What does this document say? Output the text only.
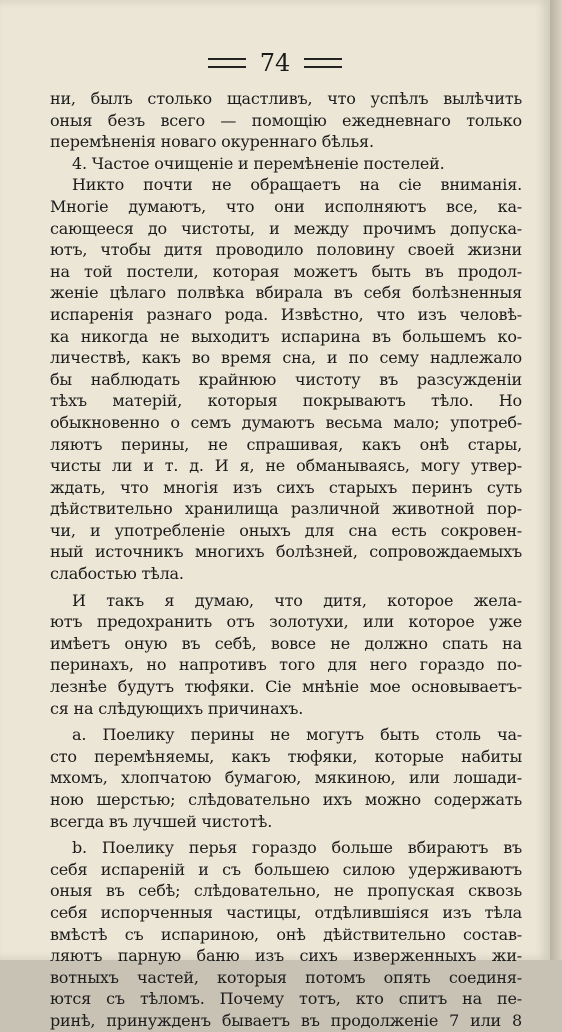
74
ни, былъ столько щастливъ, что успѣлъ вылѣчить
оныя безъ всего — помощію ежедневнаго только
перемѣненія новаго окуреннаго бѣлья.
4. Частое очищеніе и перемѣненіе постелей.
Никто почти не обращаетъ на сіе вниманія.
Многіе думаютъ, что они исполняютъ все, ка-
сающееся до чистоты, и между прочимъ допуска-
ютъ, чтобы дитя проводило половину своей жизни
на той постели, которая можетъ быть въ продол-
женіе цѣлаго полвѣка вбирала въ себя болѣзненныя
испаренія разнаго рода. Извѣстно, что изъ человѣ-
ка никогда не выходитъ испарина въ большемъ ко-
личествѣ, какъ во время сна, и по сему надлежало
бы наблюдать крайнюю чистоту въ разсужденіи
тѣхъ матерій, которыя покрываютъ тѣло. Но
обыкновенно о семъ думаютъ весьма мало; употреб-
ляютъ перины, не спрашивая, какъ онѣ стары,
чисты ли и т. д. И я, не обманываясь, могу утвер-
ждать, что многія изъ сихъ старыхъ перинъ суть
дѣйствительно хранилища различной животной пор-
чи, и употребленіе оныхъ для сна есть сокровен-
ный источникъ многихъ болѣзней, сопровождаемыхъ
слабостью тѣла.
И такъ я думаю, что дитя, которое жела-
ютъ предохранить отъ золотухи, или которое уже
имѣетъ оную въ себѣ, вовсе не должно спать на
перинахъ, но напротивъ того для него гораздо по-
лезнѣе будутъ тюфяки. Сіе мнѣніе мое основываетъ-
ся на слѣдующихъ причинахъ.
а. Поелику перины не могутъ быть столь ча-
сто перемѣняемы, какъ тюфяки, которые набиты
мхомъ, хлопчатою бумагою, мякиною, или лошади-
ною шерстью; слѣдовательно ихъ можно содержать
всегда въ лучшей чистотѣ.
b. Поелику перья гораздо больше вбираютъ въ
себя испареній и съ большею силою удерживаютъ
оныя въ себѣ; слѣдовательно, не пропуская сквозь
себя испорченныя частицы, отдѣлившіяся изъ тѣла
вмѣстѣ съ испариною, онѣ дѣйствительно состав-
ляютъ парную баню изъ сихъ изверженныхъ жи-
вотныхъ частей, которыя потомъ опять соединя-
ются съ тѣломъ. Почему тотъ, кто спитъ на пе-
ринѣ, принужденъ бываетъ въ продолженіе 7 или 8
